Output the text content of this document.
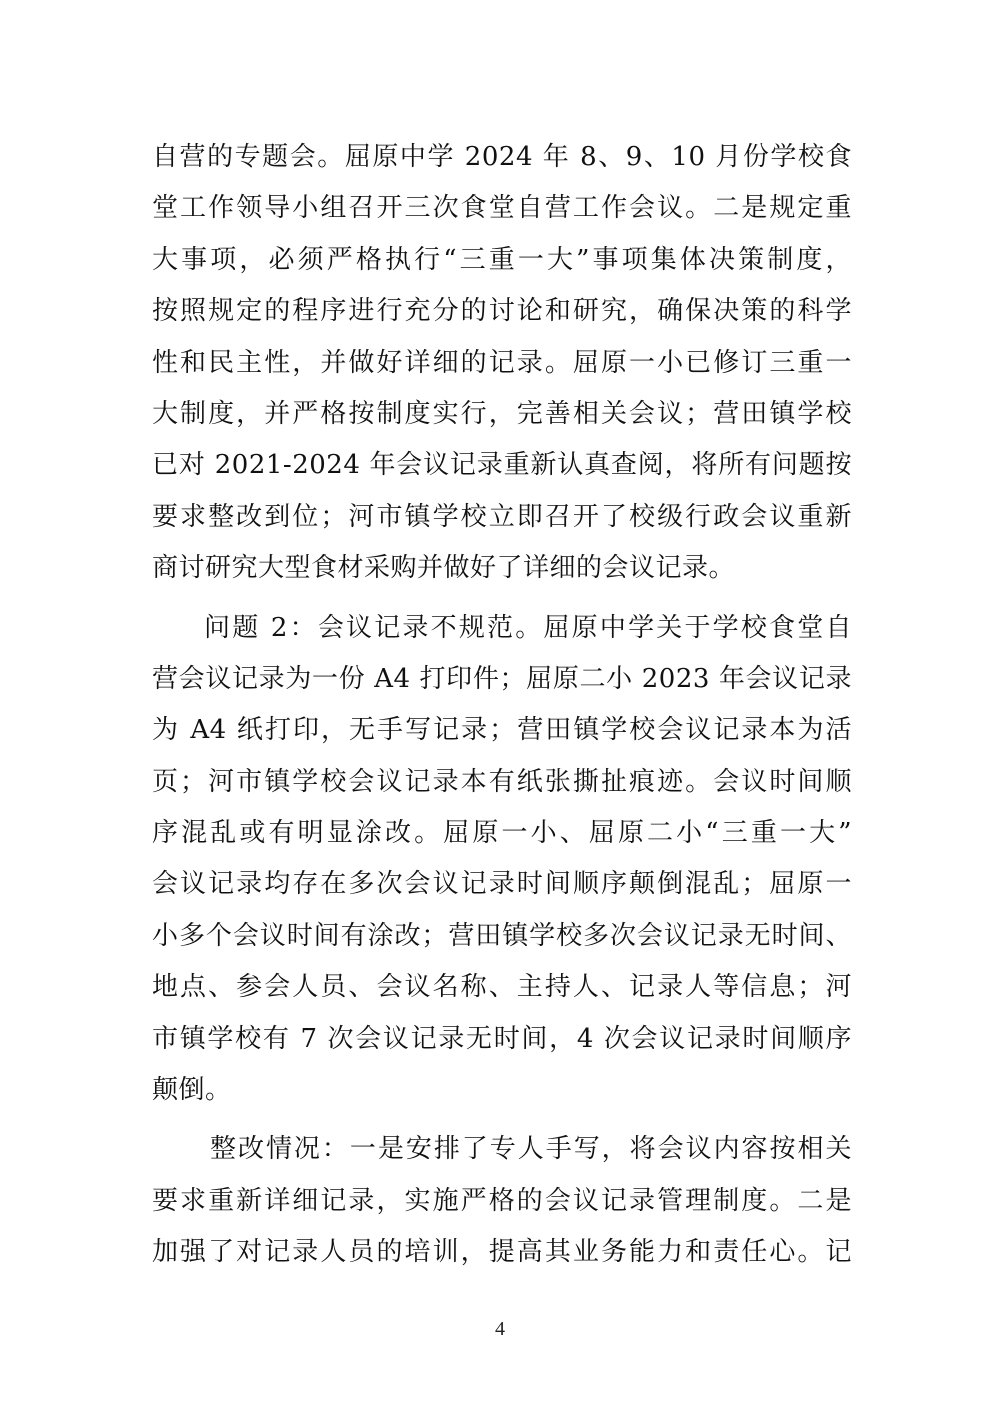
自营的专题会。屈原中学 2024 年 8、9、10 月份学校食
堂工作领导小组召开三次食堂自营工作会议。二是规定重
大事项，必须严格执行“三重一大”事项集体决策制度，
按照规定的程序进行充分的讨论和研究，确保决策的科学
性和民主性，并做好详细的记录。屈原一小已修订三重一
大制度，并严格按制度实行，完善相关会议；营田镇学校
已对 2021-2024 年会议记录重新认真查阅，将所有问题按
要求整改到位；河市镇学校立即召开了校级行政会议重新
商讨研究大型食材采购并做好了详细的会议记录。
问题 2：会议记录不规范。屈原中学关于学校食堂自
营会议记录为一份 A4 打印件；屈原二小 2023 年会议记录
为 A4 纸打印，无手写记录；营田镇学校会议记录本为活
页；河市镇学校会议记录本有纸张撕扯痕迹。会议时间顺
序混乱或有明显涂改。屈原一小、屈原二小“三重一大”
会议记录均存在多次会议记录时间顺序颠倒混乱；屈原一
小多个会议时间有涂改；营田镇学校多次会议记录无时间、
地点、参会人员、会议名称、主持人、记录人等信息；河
市镇学校有 7 次会议记录无时间，4 次会议记录时间顺序
颠倒。
整改情况：一是安排了专人手写，将会议内容按相关
要求重新详细记录，实施严格的会议记录管理制度。二是
加强了对记录人员的培训，提高其业务能力和责任心。记
4
